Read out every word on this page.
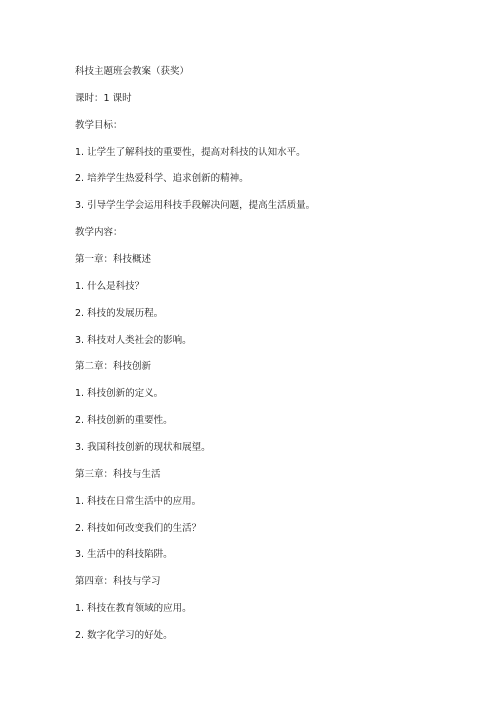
科技主题班会教案（获奖）
课时：1 课时
教学目标：
1. 让学生了解科技的重要性，提高对科技的认知水平。
2. 培养学生热爱科学、追求创新的精神。
3. 引导学生学会运用科技手段解决问题，提高生活质量。
教学内容：
第一章：科技概述
1. 什么是科技？
2. 科技的发展历程。
3. 科技对人类社会的影响。
第二章：科技创新
1. 科技创新的定义。
2. 科技创新的重要性。
3. 我国科技创新的现状和展望。
第三章：科技与生活
1. 科技在日常生活中的应用。
2. 科技如何改变我们的生活？
3. 生活中的科技陷阱。
第四章：科技与学习
1. 科技在教育领域的应用。
2. 数字化学习的好处。
